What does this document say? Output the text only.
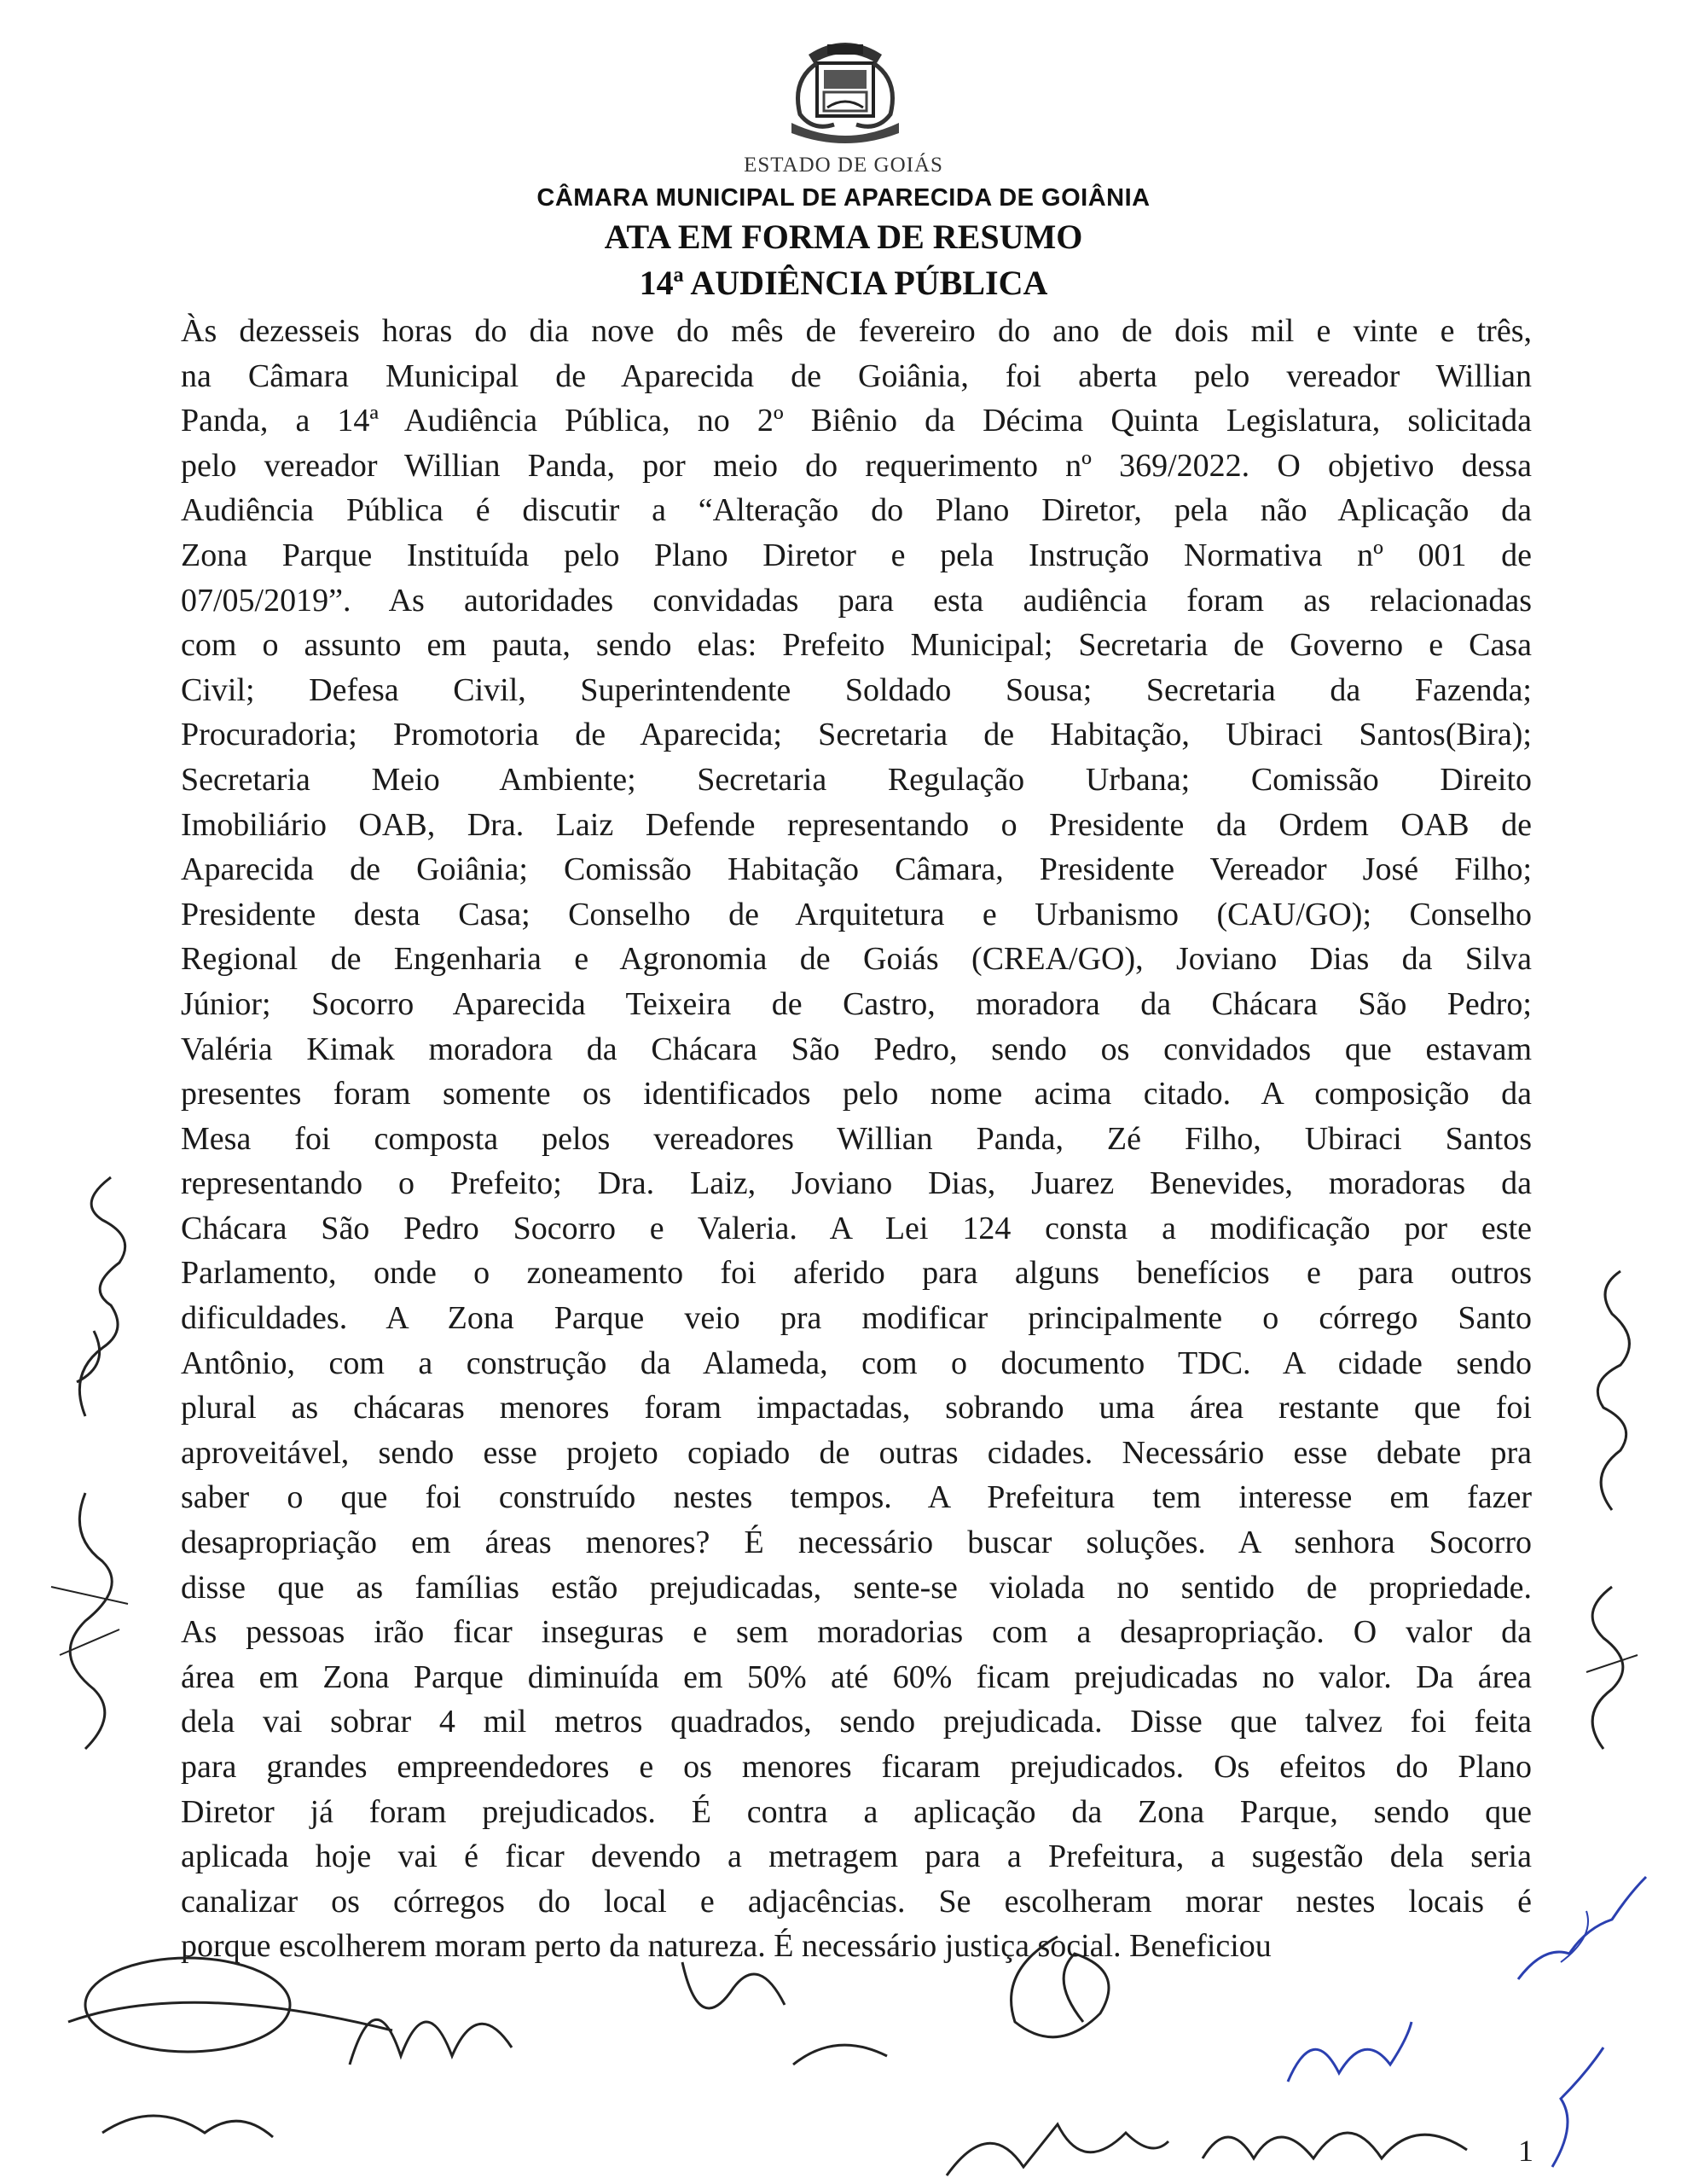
ESTADO DE GOIÁS
CÂMARA MUNICIPAL DE APARECIDA DE GOIÂNIA
ATA EM FORMA DE RESUMO
14ª AUDIÊNCIA PÚBLICA
Às dezesseis horas do dia nove do mês de fevereiro do ano de dois mil e vinte e três,
na Câmara Municipal de Aparecida de Goiânia, foi aberta pelo vereador Willian
Panda, a 14ª Audiência Pública, no 2º Biênio da Décima Quinta Legislatura, solicitada
pelo vereador Willian Panda, por meio do requerimento nº 369/2022. O objetivo dessa
Audiência Pública é discutir a “Alteração do Plano Diretor, pela não Aplicação da
Zona Parque Instituída pelo Plano Diretor e pela Instrução Normativa nº 001 de
07/05/2019”. As autoridades convidadas para esta audiência foram as relacionadas
com o assunto em pauta, sendo elas: Prefeito Municipal; Secretaria de Governo e Casa
Civil; Defesa Civil, Superintendente Soldado Sousa; Secretaria da Fazenda;
Procuradoria; Promotoria de Aparecida; Secretaria de Habitação, Ubiraci Santos(Bira);
Secretaria Meio Ambiente; Secretaria Regulação Urbana; Comissão Direito
Imobiliário OAB, Dra. Laiz Defende representando o Presidente da Ordem OAB de
Aparecida de Goiânia; Comissão Habitação Câmara, Presidente Vereador José Filho;
Presidente desta Casa; Conselho de Arquitetura e Urbanismo (CAU/GO); Conselho
Regional de Engenharia e Agronomia de Goiás (CREA/GO), Joviano Dias da Silva
Júnior; Socorro Aparecida Teixeira de Castro, moradora da Chácara São Pedro;
Valéria Kimak moradora da Chácara São Pedro, sendo os convidados que estavam
presentes foram somente os identificados pelo nome acima citado. A composição da
Mesa foi composta pelos vereadores Willian Panda, Zé Filho, Ubiraci Santos
representando o Prefeito; Dra. Laiz, Joviano Dias, Juarez Benevides, moradoras da
Chácara São Pedro Socorro e Valeria. A Lei 124 consta a modificação por este
Parlamento, onde o zoneamento foi aferido para alguns benefícios e para outros
dificuldades. A Zona Parque veio pra modificar principalmente o córrego Santo
Antônio, com a construção da Alameda, com o documento TDC. A cidade sendo
plural as chácaras menores foram impactadas, sobrando uma área restante que foi
aproveitável, sendo esse projeto copiado de outras cidades. Necessário esse debate pra
saber o que foi construído nestes tempos. A Prefeitura tem interesse em fazer
desapropriação em áreas menores? É necessário buscar soluções. A senhora Socorro
disse que as famílias estão prejudicadas, sente-se violada no sentido de propriedade.
As pessoas irão ficar inseguras e sem moradorias com a desapropriação. O valor da
área em Zona Parque diminuída em 50% até 60% ficam prejudicadas no valor. Da área
dela vai sobrar 4 mil metros quadrados, sendo prejudicada. Disse que talvez foi feita
para grandes empreendedores e os menores ficaram prejudicados. Os efeitos do Plano
Diretor já foram prejudicados. É contra a aplicação da Zona Parque, sendo que
aplicada hoje vai é ficar devendo a metragem para a Prefeitura, a sugestão dela seria
canalizar os córregos do local e adjacências. Se escolheram morar nestes locais é
porque escolherem moram perto da natureza. É necessário justiça social. Beneficiou
1
